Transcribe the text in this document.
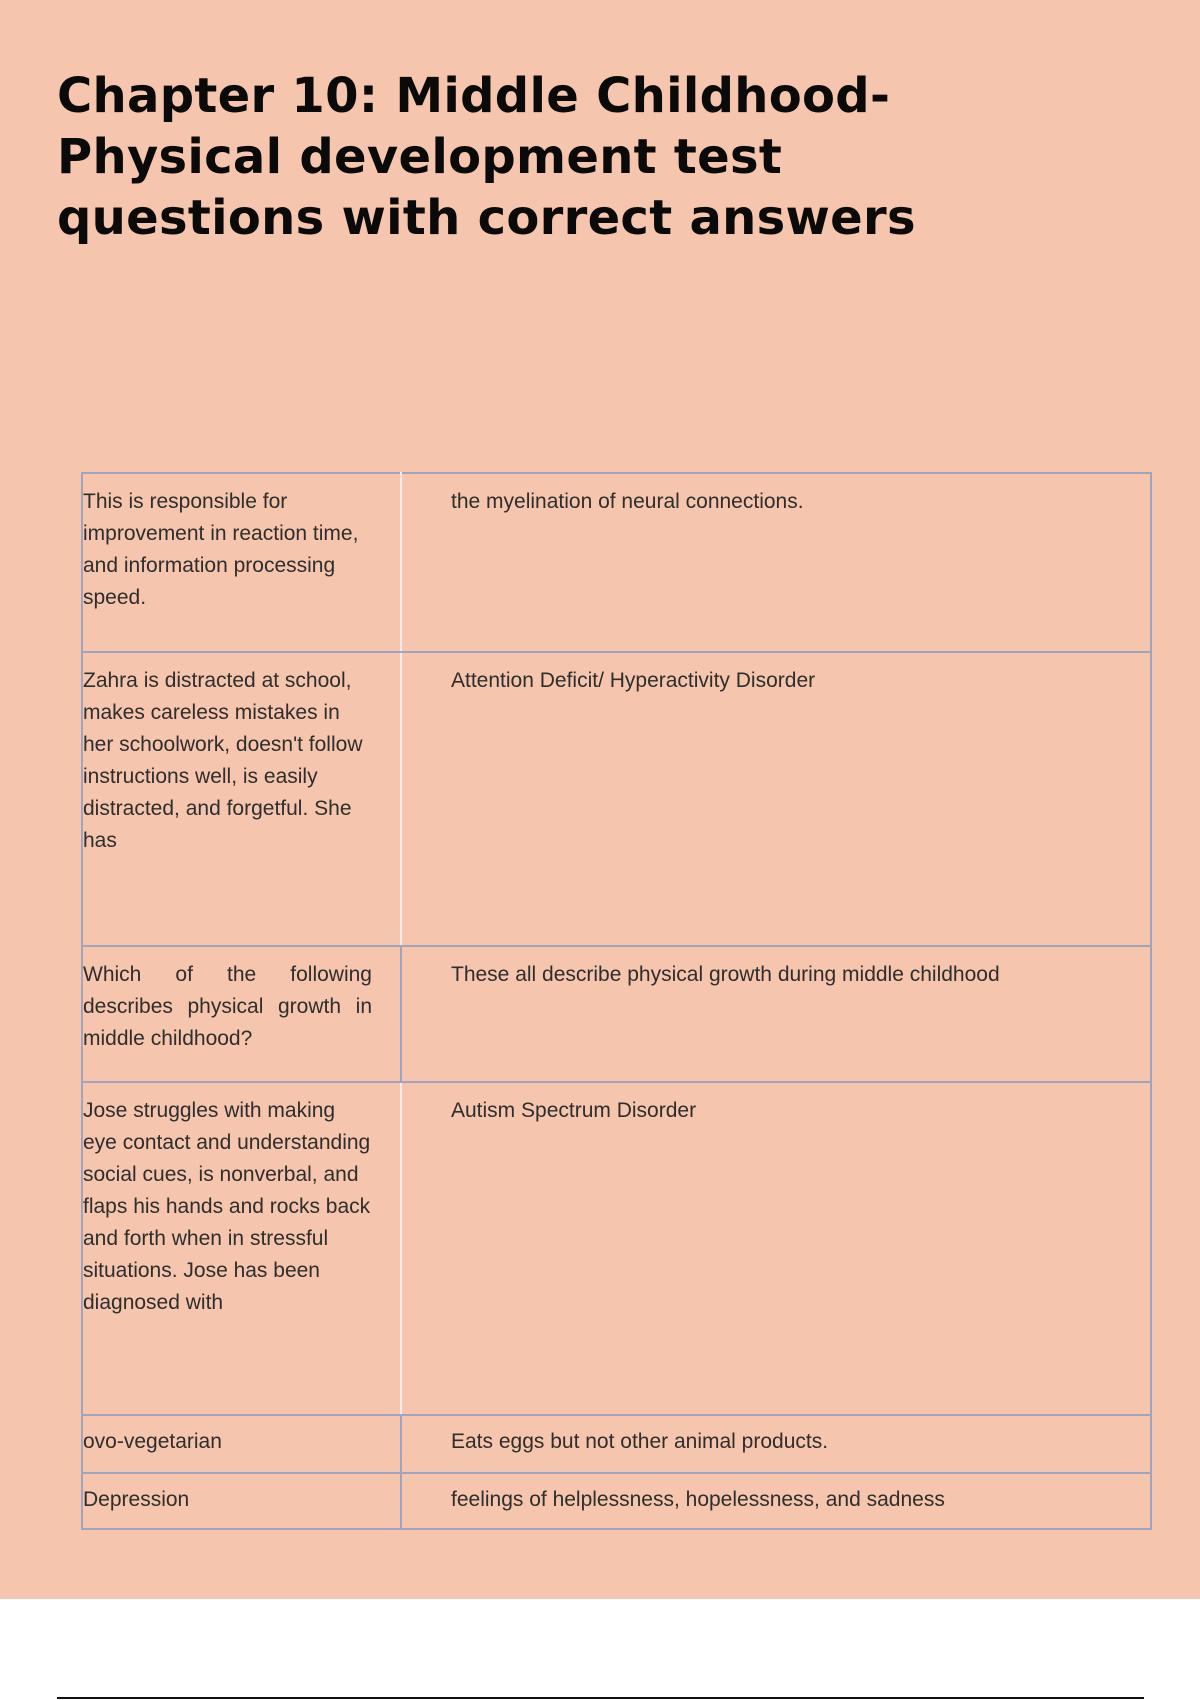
Chapter 10: Middle Childhood-Physical development test questions with correct answers
This is responsible for improvement in reaction time, and information processing speed.	the myelination of neural connections.
Zahra is distracted at school, makes careless mistakes in her schoolwork, doesn't follow instructions well, is easily distracted, and forgetful. She has	Attention Deficit/ Hyperactivity Disorder
Which of the following describes physical growth in middle childhood?	These all describe physical growth during middle childhood
Jose struggles with making eye contact and understanding social cues, is nonverbal, and flaps his hands and rocks back and forth when in stressful situations. Jose has been diagnosed with	Autism Spectrum Disorder
ovo-vegetarian	Eats eggs but not other animal products.
Depression	feelings of helplessness, hopelessness, and sadness
